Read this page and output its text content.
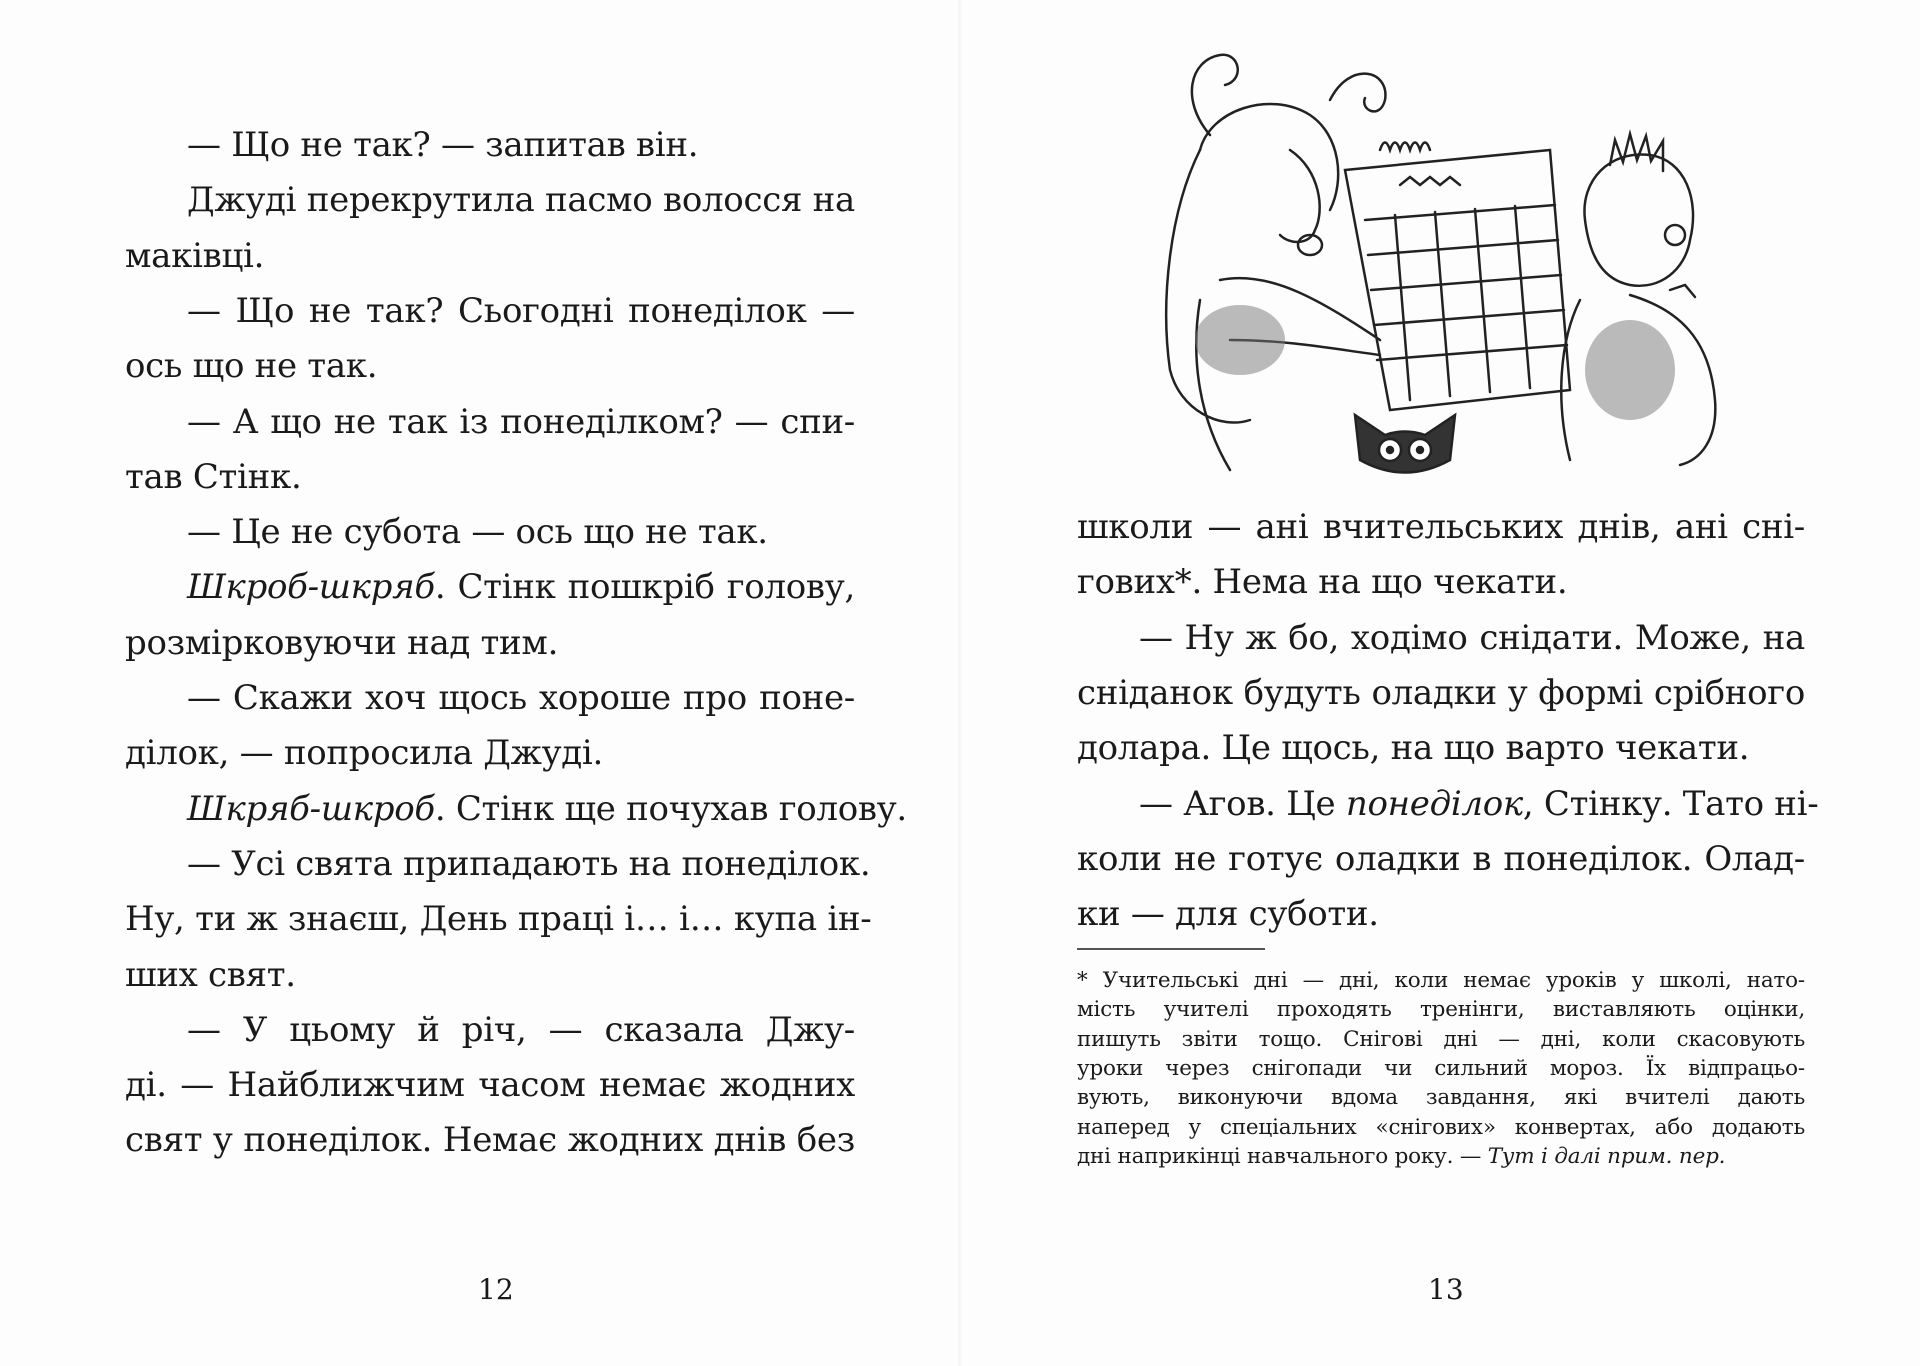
— Що не так? — запитав він.
Джуді перекрутила пасмо волосся на
маківці.
— Що не так? Сьогодні понеділок —
ось що не так.
— А що не так із понеділком? — спи-
тав Стінк.
— Це не субота — ось що не так.
Шкроб-шкряб. Стінк пошкріб голову,
розмірковуючи над тим.
— Скажи хоч щось хороше про поне-
ділок, — попросила Джуді.
Шкряб-шкроб. Стінк ще почухав голову.
— Усі свята припадають на понеділок.
Ну, ти ж знаєш, День праці і… і… купа ін-
ших свят.
— У цьому й річ, — сказала Джу-
ді. — Найближчим часом немає жодних
свят у понеділок. Немає жодних днів без
12
школи — ані вчительських днів, ані сні-
гових*. Нема на що чекати.
— Ну ж бо, ходімо снідати. Може, на
сніданок будуть оладки у формі срібного
долара. Це щось, на що варто чекати.
— Агов. Це понеділок, Стінку. Тато ні-
коли не готує оладки в понеділок. Олад-
ки — для суботи.
* Учительські дні — дні, коли немає уроків у школі, нато-
мість учителі проходять тренінги, виставляють оцінки,
пишуть звіти тощо. Снігові дні — дні, коли скасовують
уроки через снігопади чи сильний мороз. Їх відпрацьо-
вують, виконуючи вдома завдання, які вчителі дають
наперед у спеціальних «снігових» конвертах, або додають
дні наприкінці навчального року. — Тут і далі прим. пер.
13
